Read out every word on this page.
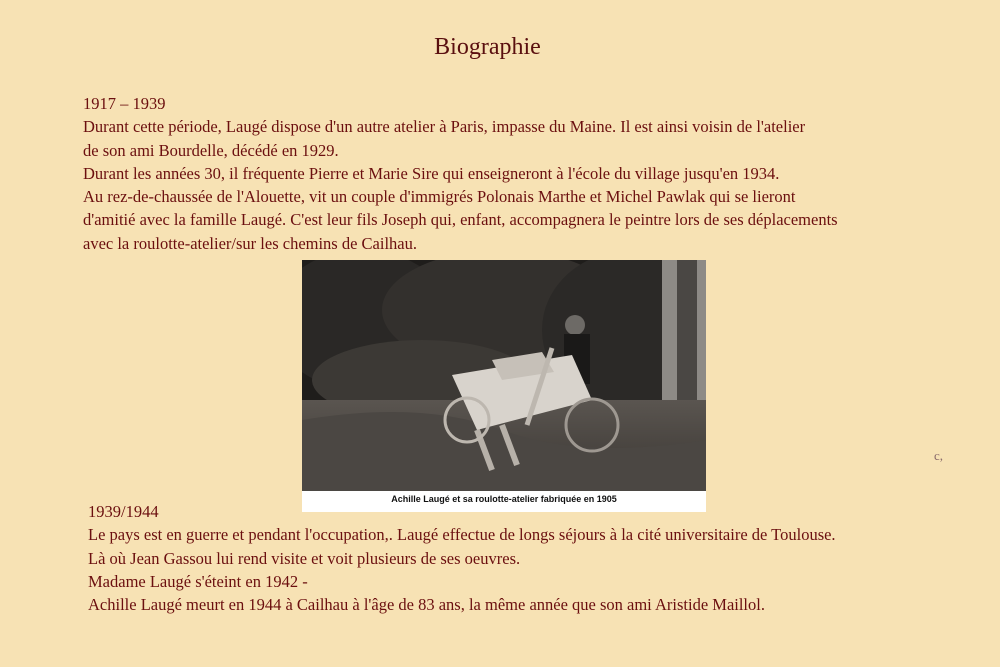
Biographie
1917 – 1939
Durant cette période, Laugé dispose d'un autre atelier à Paris, impasse du Maine. Il est ainsi voisin de l'atelier
de son ami Bourdelle, décédé en 1929.
Durant les années 30, il fréquente Pierre et Marie Sire qui enseigneront à l'école du village jusqu'en 1934.
Au rez-de-chaussée de l'Alouette, vit un couple d'immigrés Polonais Marthe et Michel Pawlak qui se lieront
d'amitié avec la famille Laugé. C'est leur fils Joseph qui, enfant, accompagnera le peintre lors de ses déplacements
avec la roulotte-atelier/sur les chemins de Cailhau.
Achille Laugé et sa roulotte-atelier fabriquée en 1905
c,
1939/1944
Le pays est en guerre et pendant l'occupation,. Laugé effectue de longs séjours à la cité universitaire de Toulouse.
Là où Jean Gassou lui rend visite et voit plusieurs de ses oeuvres.
Madame Laugé s'éteint en 1942 -
Achille Laugé meurt en 1944 à Cailhau à l'âge de 83 ans, la même année que son ami Aristide Maillol.
